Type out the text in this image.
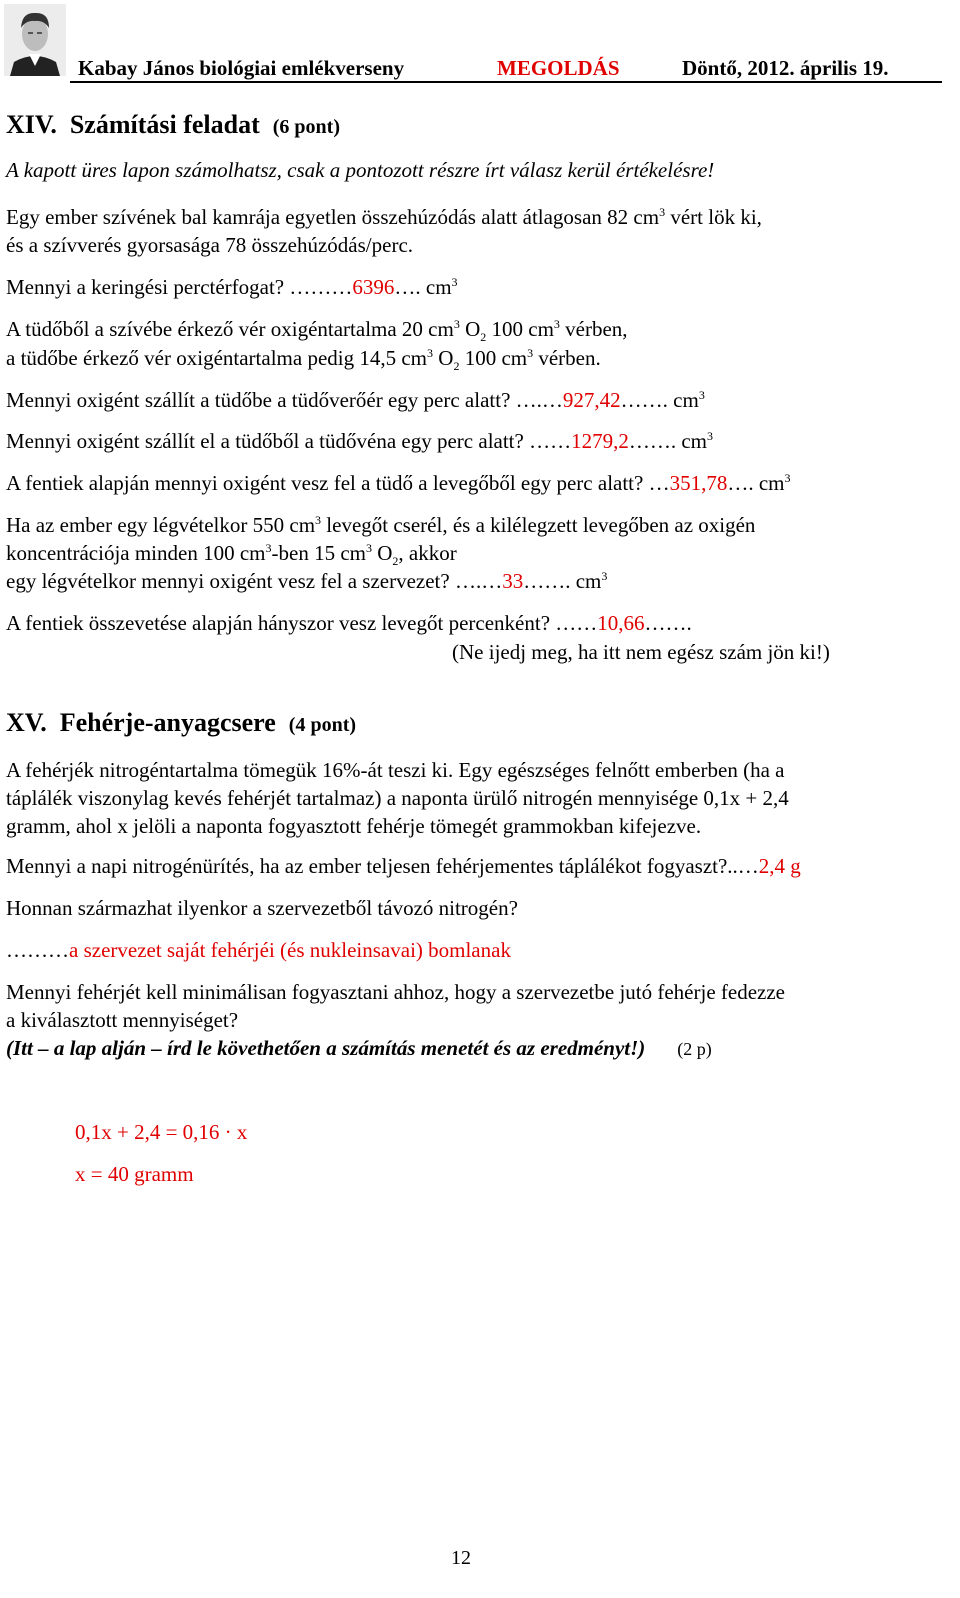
Kabay János biológiai emlékverseny	MEGOLDÁS	Döntő, 2012. április 19.
XIV. Számítási feladat (6 pont)
A kapott üres lapon számolhatsz, csak a pontozott részre írt válasz kerül értékelésre!
Egy ember szívének bal kamrája egyetlen összehúzódás alatt átlagosan 82 $cm^3$ vért lök ki,
és a szívverés gyorsasága 78 összehúzódás/perc.
Mennyi a keringési perctérfogat? ………6396…. $cm^3$
A tüdőből a szívébe érkező vér oxigéntartalma 20 $cm^3$ $O_2$ 100 $cm^3$ vérben,
a tüdőbe érkező vér oxigéntartalma pedig 14,5 $cm^3$ $O_2$ 100 $cm^3$ vérben.
Mennyi oxigént szállít a tüdőbe a tüdőverőér egy perc alatt? ….…927,42……. $cm^3$
Mennyi oxigént szállít el a tüdőből a tüdővéna egy perc alatt? ……1279,2……. $cm^3$
A fentiek alapján mennyi oxigént vesz fel a tüdő a levegőből egy perc alatt? …351,78…. $cm^3$
Ha az ember egy légvételkor 550 $cm^3$ levegőt cserél, és a kilélegzett levegőben az oxigén
koncentrációja minden 100 $cm^3$-ben 15 $cm^3$ $O_2$, akkor
egy légvételkor mennyi oxigént vesz fel a szervezet? ….…33……. $cm^3$
A fentiek összevetése alapján hányszor vesz levegőt percenként? ……10,66…….
(Ne ijedj meg, ha itt nem egész szám jön ki!)
XV. Fehérje-anyagcsere (4 pont)
A fehérjék nitrogéntartalma tömegük 16%-át teszi ki. Egy egészséges felnőtt emberben (ha a
táplálék viszonylag kevés fehérjét tartalmaz) a naponta ürülő nitrogén mennyisége 0,1x + 2,4
gramm, ahol x jelöli a naponta fogyasztott fehérje tömegét grammokban kifejezve.
Mennyi a napi nitrogénürítés, ha az ember teljesen fehérjementes táplálékot fogyaszt?..…2,4 g
Honnan származhat ilyenkor a szervezetből távozó nitrogén?
………a szervezet saját fehérjéi (és nukleinsavai) bomlanak
Mennyi fehérjét kell minimálisan fogyasztani ahhoz, hogy a szervezetbe jutó fehérje fedezze
a kiválasztott mennyiséget?
(Itt – a lap alján – írd le követhetően a számítás menetét és az eredményt!) (2 p)
0,1x + 2,4 = 0,16 · x
x = 40 gramm
12
